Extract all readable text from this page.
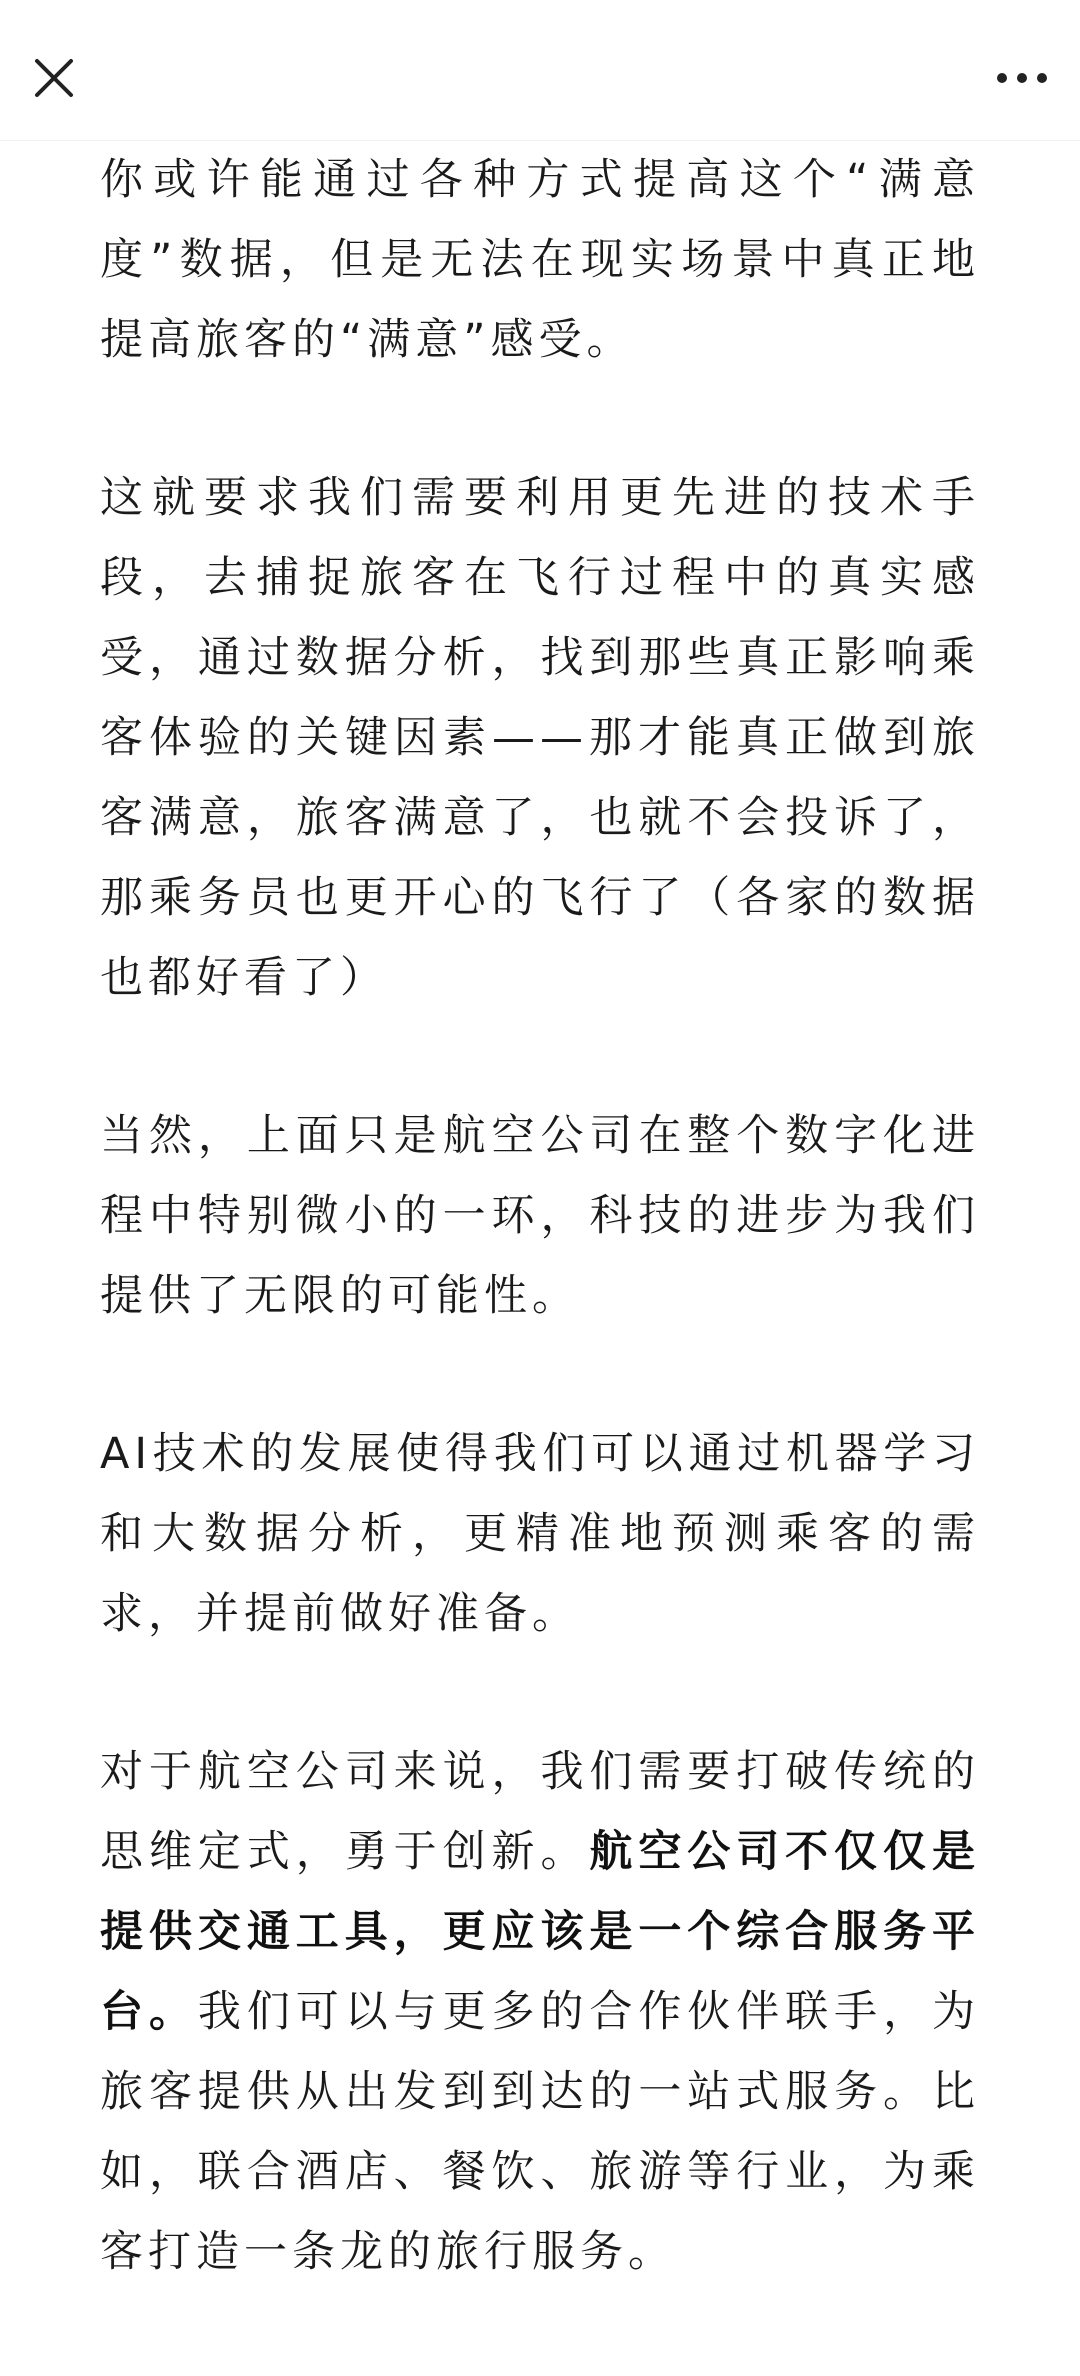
你或许能通过各种方式提高这个“满意度”数据，但是无法在现实场景中真正地提高旅客的“满意”感受。

这就要求我们需要利用更先进的技术手段，去捕捉旅客在飞行过程中的真实感受，通过数据分析，找到那些真正影响乘客体验的关键因素——那才能真正做到旅客满意，旅客满意了，也就不会投诉了，那乘务员也更开心的飞行了（各家的数据也都好看了）

当然，上面只是航空公司在整个数字化进程中特别微小的一环，科技的进步为我们提供了无限的可能性。

AI技术的发展使得我们可以通过机器学习和大数据分析，更精准地预测乘客的需求，并提前做好准备。

对于航空公司来说，我们需要打破传统的思维定式，勇于创新。航空公司不仅仅是提供交通工具，更应该是一个综合服务平台。我们可以与更多的合作伙伴联手，为旅客提供从出发到到达的一站式服务。比如，联合酒店、餐饮、旅游等行业，为乘客打造一条龙的旅行服务。
